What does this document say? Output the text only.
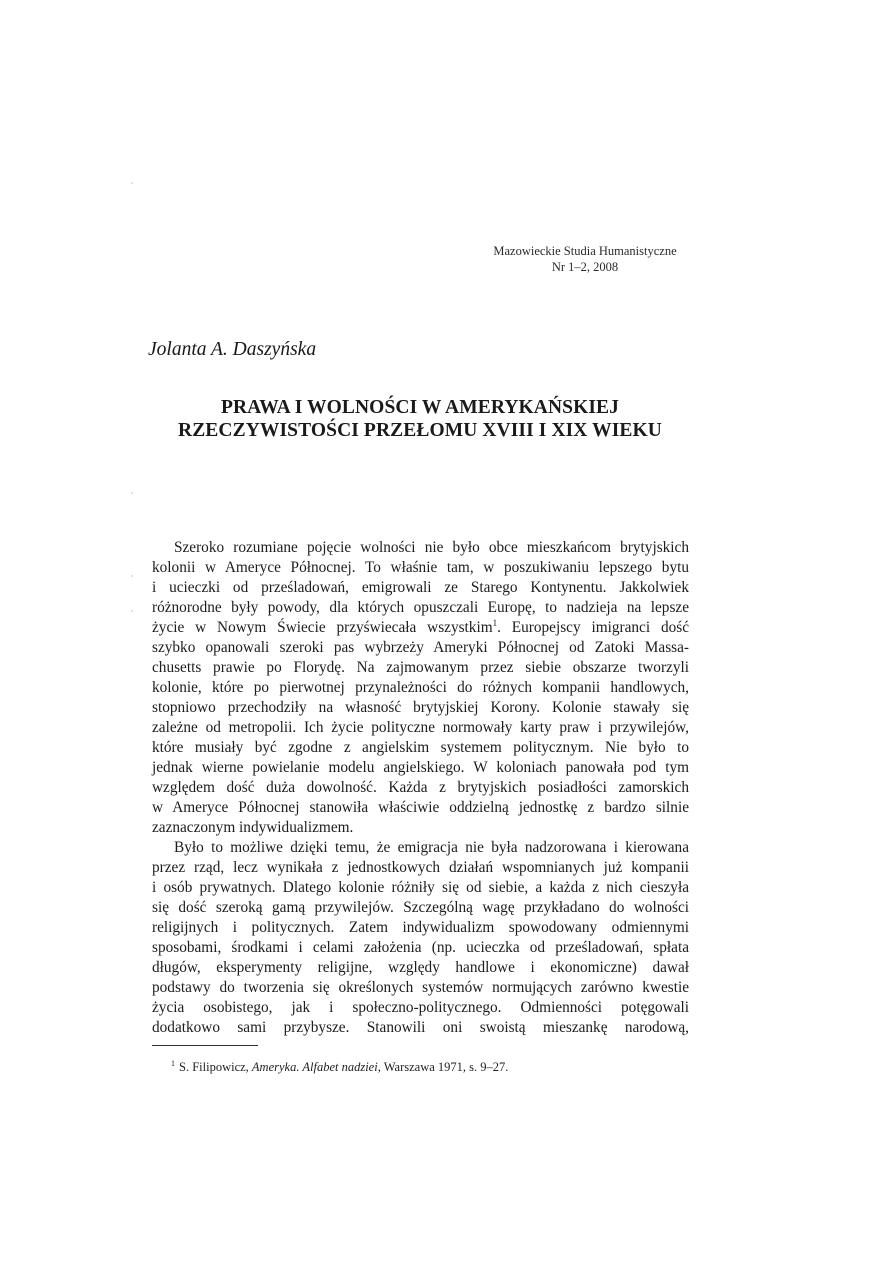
Mazowieckie Studia Humanistyczne
Nr 1–2, 2008
Jolanta A. Daszyńska
PRAWA I WOLNOŚCI W AMERYKAŃSKIEJ
RZECZYWISTOŚCI PRZEŁOMU XVIII I XIX WIEKU
Szeroko rozumiane pojęcie wolności nie było obce mieszkańcom brytyjskich
kolonii w Ameryce Północnej. To właśnie tam, w poszukiwaniu lepszego bytu
i ucieczki od prześladowań, emigrowali ze Starego Kontynentu. Jakkolwiek
różnorodne były powody, dla których opuszczali Europę, to nadzieja na lepsze
życie w Nowym Świecie przyświecała wszystkim$^1$. Europejscy imigranci dość
szybko opanowali szeroki pas wybrzeży Ameryki Północnej od Zatoki Massa-
chusetts prawie po Florydę. Na zajmowanym przez siebie obszarze tworzyli
kolonie, które po pierwotnej przynależności do różnych kompanii handlowych,
stopniowo przechodziły na własność brytyjskiej Korony. Kolonie stawały się
zależne od metropolii. Ich życie polityczne normowały karty praw i przywilejów,
które musiały być zgodne z angielskim systemem politycznym. Nie było to
jednak wierne powielanie modelu angielskiego. W koloniach panowała pod tym
względem dość duża dowolność. Każda z brytyjskich posiadłości zamorskich
w Ameryce Północnej stanowiła właściwie oddzielną jednostkę z bardzo silnie
zaznaczonym indywidualizmem.
Było to możliwe dzięki temu, że emigracja nie była nadzorowana i kierowana
przez rząd, lecz wynikała z jednostkowych działań wspomnianych już kompanii
i osób prywatnych. Dlatego kolonie różniły się od siebie, a każda z nich cieszyła
się dość szeroką gamą przywilejów. Szczególną wagę przykładano do wolności
religijnych i politycznych. Zatem indywidualizm spowodowany odmiennymi
sposobami, środkami i celami założenia (np. ucieczka od prześladowań, spłata
długów, eksperymenty religijne, względy handlowe i ekonomiczne) dawał
podstawy do tworzenia się określonych systemów normujących zarówno kwestie
życia osobistego, jak i społeczno-politycznego. Odmienności potęgowali
dodatkowo sami przybysze. Stanowili oni swoistą mieszankę narodową,
$^1$ S. Filipowicz, Ameryka. Alfabet nadziei, Warszawa 1971, s. 9–27.
